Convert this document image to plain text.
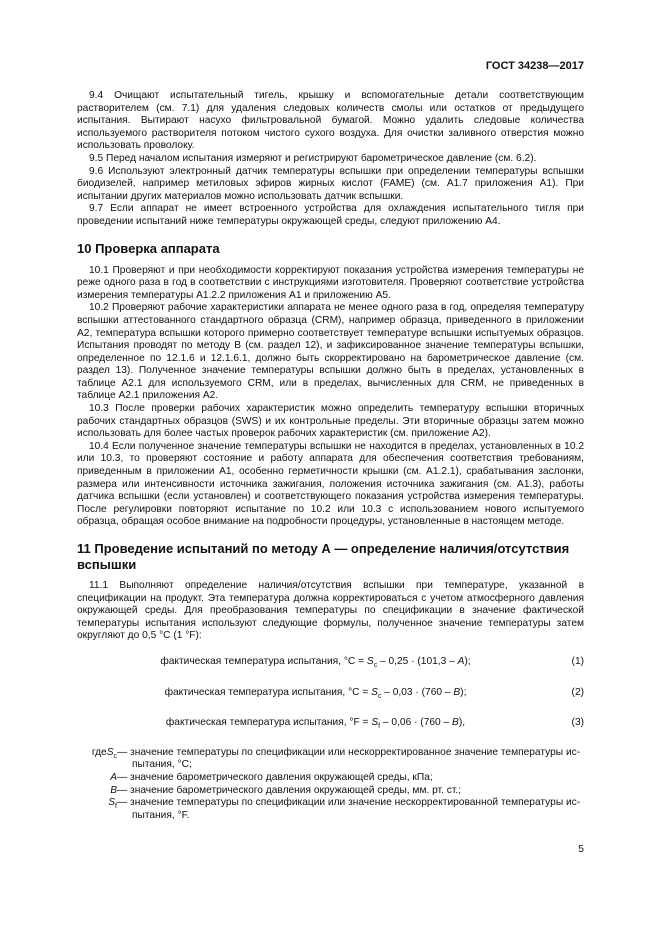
ГОСТ 34238—2017

9.4 Очищают испытательный тигель, крышку и вспомогательные детали соответствующим растворителем (см. 7.1) для удаления следовых количеств смолы или остатков от предыдущего испытания. Вытирают насухо фильтровальной бумагой. Можно удалить следовые количества используемого растворителя потоком чистого сухого воздуха. Для очистки заливного отверстия можно использовать проволоку.

9.5 Перед началом испытания измеряют и регистрируют барометрическое давление (см. 6.2).

9.6 Используют электронный датчик температуры вспышки при определении температуры вспышки биодизелей, например метиловых эфиров жирных кислот (FAME) (см. А1.7 приложения А1). При испытании других материалов можно использовать датчик вспышки.

9.7 Если аппарат не имеет встроенного устройства для охлаждения испытательного тигля при проведении испытаний ниже температуры окружающей среды, следуют приложению А4.

10 Проверка аппарата

10.1 Проверяют и при необходимости корректируют показания устройства измерения температуры не реже одного раза в год в соответствии с инструкциями изготовителя. Проверяют соответствие устройства измерения температуры А1.2.2 приложения А1 и приложению А5.

10.2 Проверяют рабочие характеристики аппарата не менее одного раза в год, определяя температуру вспышки аттестованного стандартного образца (CRM), например образца, приведенного в приложении А2, температура вспышки которого примерно соответствует температуре вспышки испытуемых образцов. Испытания проводят по методу В (см. раздел 12), и зафиксированное значение температуры вспышки, определенное по 12.1.6 и 12.1.6.1, должно быть скорректировано на барометрическое давление (см. раздел 13). Полученное значение температуры вспышки должно быть в пределах, установленных в таблице А2.1 для используемого CRM, или в пределах, вычисленных для CRM, не приведенных в таблице А2.1 приложения А2.

10.3 После проверки рабочих характеристик можно определить температуру вспышки вторичных рабочих стандартных образцов (SWS) и их контрольные пределы. Эти вторичные образцы затем можно использовать для более частых проверок рабочих характеристик (см. приложение А2).

10.4 Если полученное значение температуры вспышки не находится в пределах, установленных в 10.2 или 10.3, то проверяют состояние и работу аппарата для обеспечения соответствия требованиям, приведенным в приложении А1, особенно герметичности крышки (см. А1.2.1), срабатывания заслонки, размера или интенсивности источника зажигания, положения источника зажигания (см. А1.3), работы датчика вспышки (если установлен) и соответствующего показания устройства измерения температуры. После регулировки повторяют испытание по 10.2 или 10.3 с использованием нового испытуемого образца, обращая особое внимание на подробности процедуры, установленные в настоящем методе.

11 Проведение испытаний по методу А — определение наличия/отсутствия
вспышки

11.1 Выполняют определение наличия/отсутствия вспышки при температуре, указанной в спецификации на продукт. Эта температура должна корректироваться с учетом атмосферного давления окружающей среды. Для преобразования температуры по спецификации в значение фактической температуры испытания используют следующие формулы, полученное значение температуры затем округляют до 0,5 °С (1 °F):

фактическая температура испытания, $^\circ С = S_c - 0,25 \cdot (101,3 - A)$;	(1)
фактическая температура испытания, $^\circ С = S_c - 0,03 \cdot (760 - B)$;	(2)
фактическая температура испытания, $^\circ F = S_f - 0,06 \cdot (760 - B)$,	(3)
гдеS$_c$ — значение температуры по спецификации или нескорректированное значение температуры ис-
пытания, °С;
A — значение барометрического давления окружающей среды, кПа;
B — значение барометрического давления окружающей среды, мм. рт. ст.;
$S_f$ — значение температуры по спецификации или значение нескорректированной температуры ис-
пытания, °F.
5
